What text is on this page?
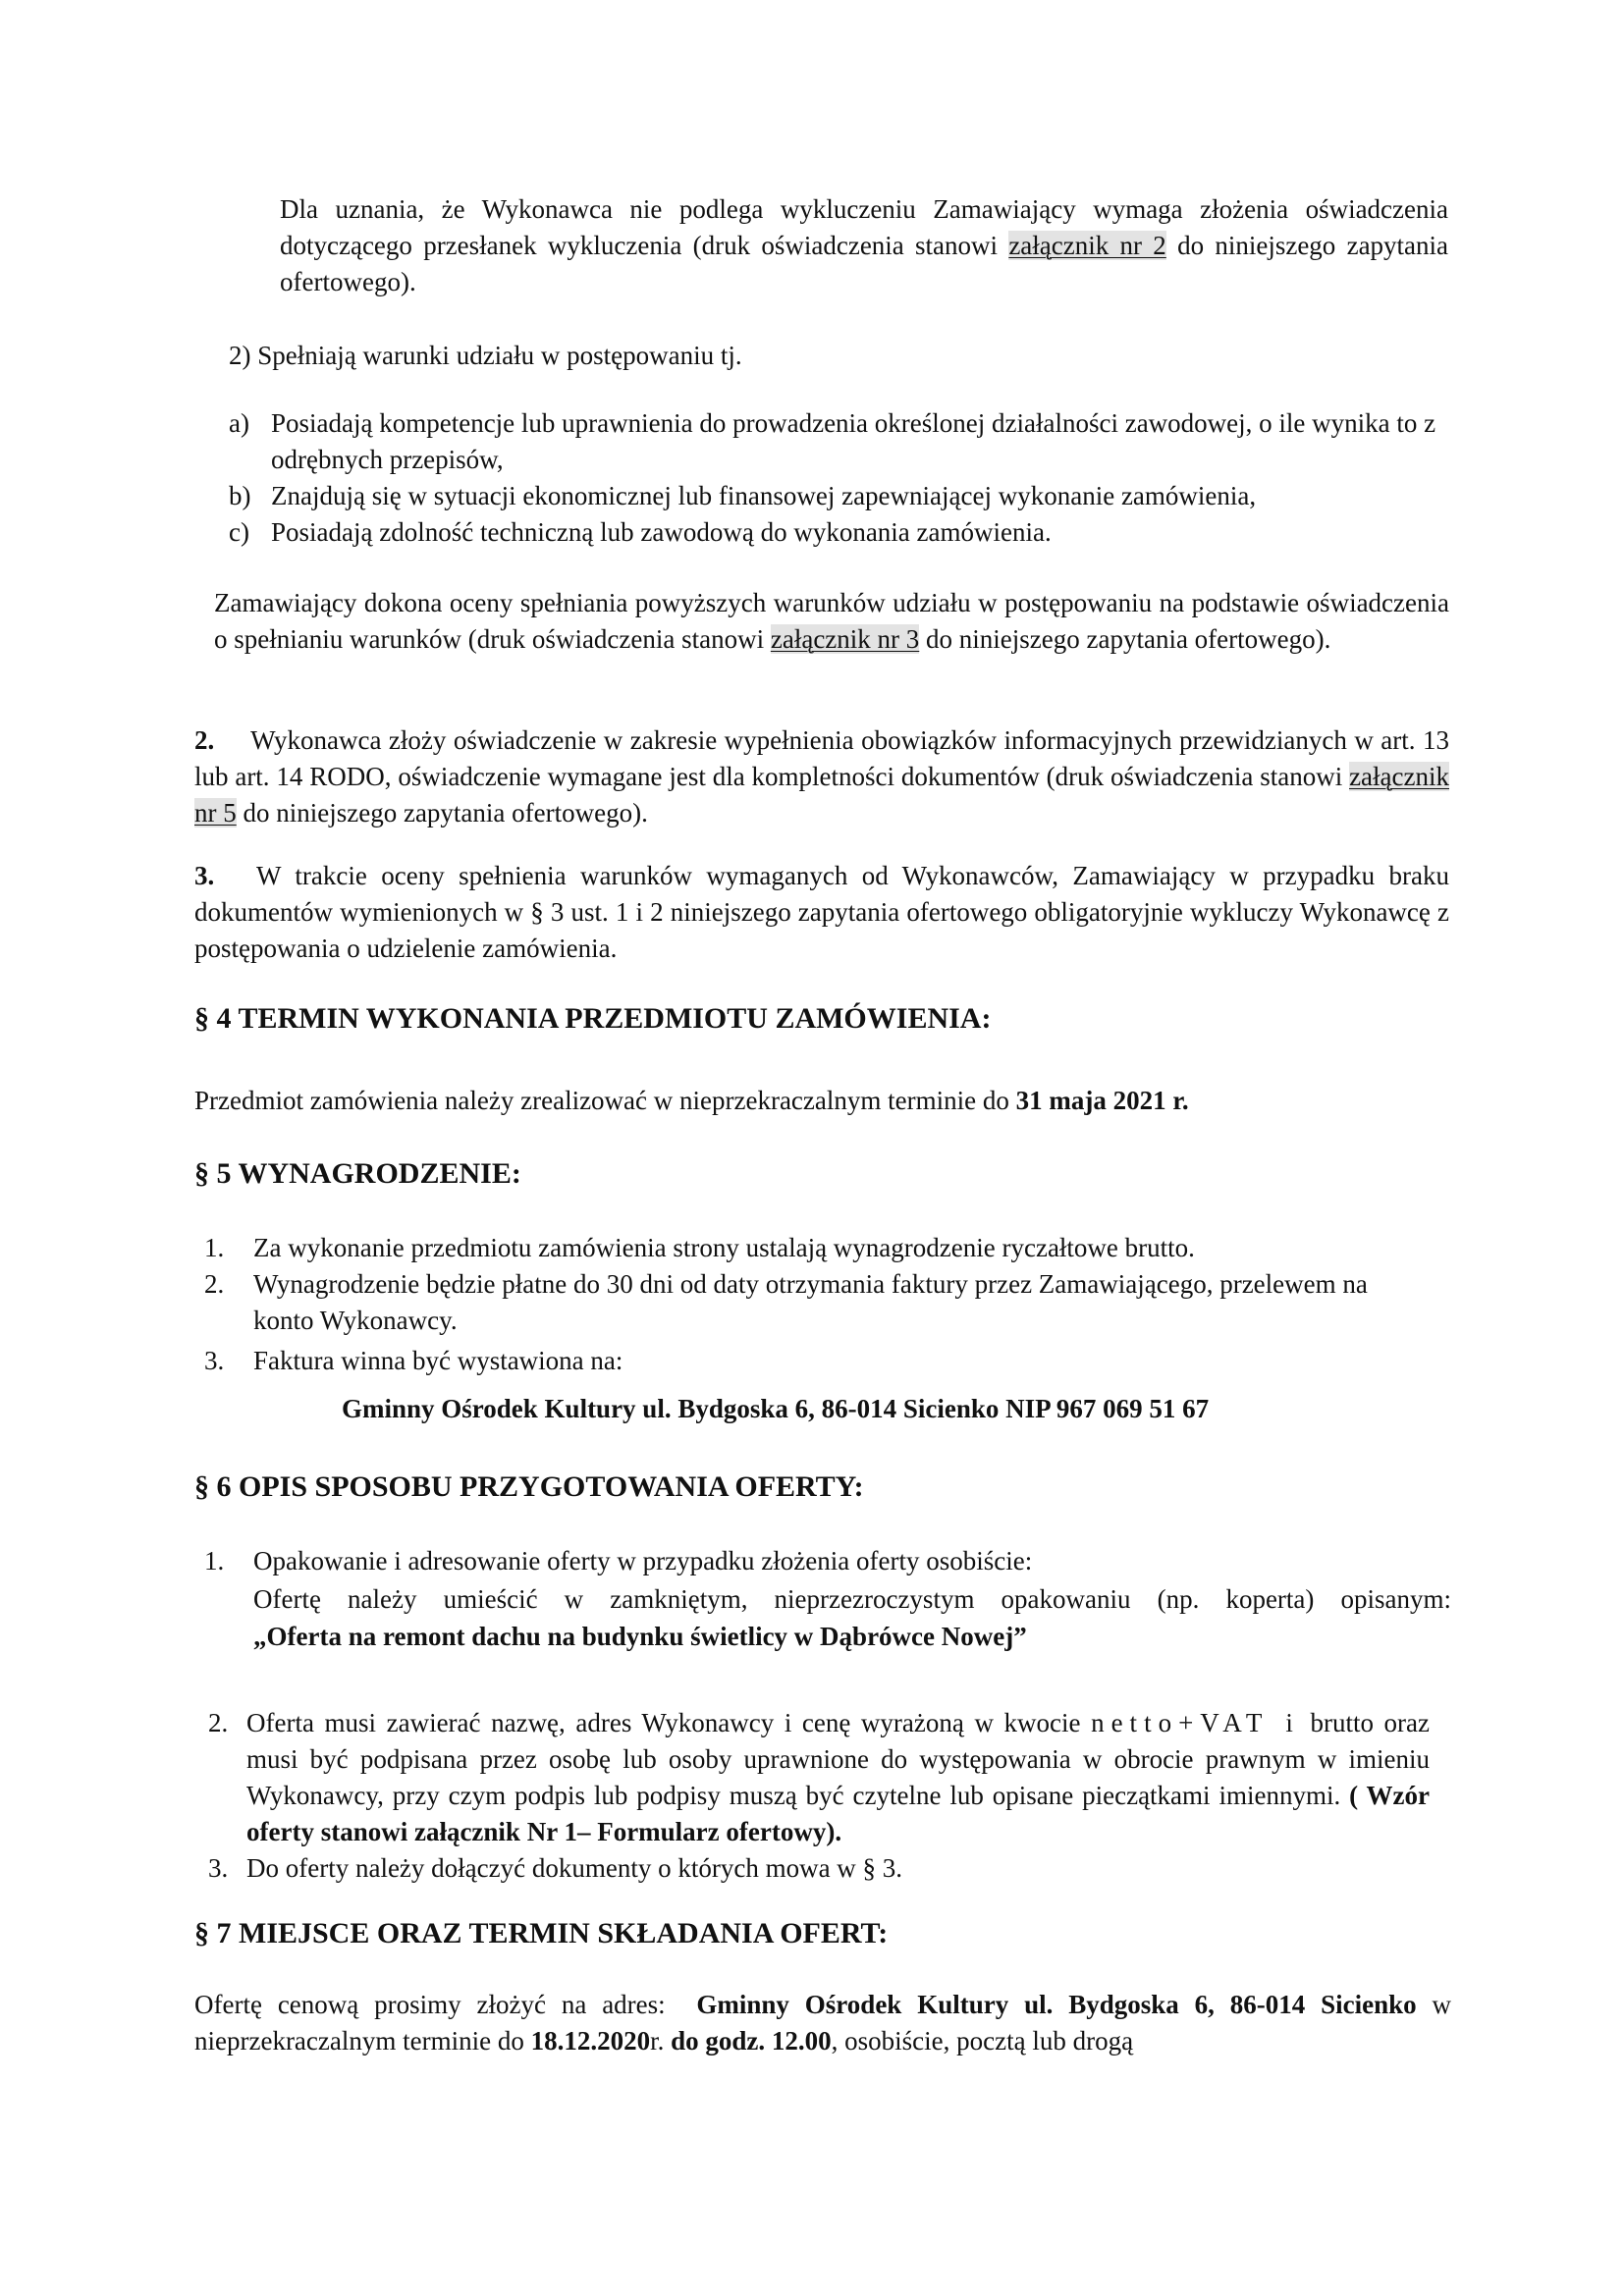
Dla uznania, że Wykonawca nie podlega wykluczeniu Zamawiający wymaga złożenia oświadczenia dotyczącego przesłanek wykluczenia (druk oświadczenia stanowi załącznik nr 2 do niniejszego zapytania ofertowego).
2) Spełniają warunki udziału w postępowaniu tj.
a) Posiadają kompetencje lub uprawnienia do prowadzenia określonej działalności zawodowej, o ile wynika to z odrębnych przepisów,
b) Znajdują się w sytuacji ekonomicznej lub finansowej zapewniającej wykonanie zamówienia,
c) Posiadają zdolność techniczną lub zawodową do wykonania zamówienia.
Zamawiający dokona oceny spełniania powyższych warunków udziału w postępowaniu na podstawie oświadczenia o spełnianiu warunków (druk oświadczenia stanowi załącznik nr 3 do niniejszego zapytania ofertowego).
2. Wykonawca złoży oświadczenie w zakresie wypełnienia obowiązków informacyjnych przewidzianych w art. 13 lub art. 14 RODO, oświadczenie wymagane jest dla kompletności dokumentów (druk oświadczenia stanowi załącznik nr 5 do niniejszego zapytania ofertowego).
3. W trakcie oceny spełnienia warunków wymaganych od Wykonawców, Zamawiający w przypadku braku dokumentów wymienionych w § 3 ust. 1 i 2 niniejszego zapytania ofertowego obligatoryjnie wykluczy Wykonawcę z postępowania o udzielenie zamówienia.
§ 4 TERMIN WYKONANIA PRZEDMIOTU ZAMÓWIENIA:
Przedmiot zamówienia należy zrealizować w nieprzekraczalnym terminie do 31 maja 2021 r.
§ 5 WYNAGRODZENIE:
1. Za wykonanie przedmiotu zamówienia strony ustalają wynagrodzenie ryczałtowe brutto.
2. Wynagrodzenie będzie płatne do 30 dni od daty otrzymania faktury przez Zamawiającego, przelewem na konto Wykonawcy.
3. Faktura winna być wystawiona na:
Gminny Ośrodek Kultury ul. Bydgoska 6, 86-014 Sicienko NIP 967 069 51 67
§ 6 OPIS SPOSOBU PRZYGOTOWANIA OFERTY:
1. Opakowanie i adresowanie oferty w przypadku złożenia oferty osobiście:
Ofertę należy umieścić w zamkniętym, nieprzezroczystym opakowaniu (np. koperta) opisanym:
„Oferta na remont dachu na budynku świetlicy w Dąbrówce Nowej”
2. Oferta musi zawierać nazwę, adres Wykonawcy i cenę wyrażoną w kwocie netto+VAT i brutto oraz musi być podpisana przez osobę lub osoby uprawnione do występowania w obrocie prawnym w imieniu Wykonawcy, przy czym podpis lub podpisy muszą być czytelne lub opisane pieczątkami imiennymi. ( Wzór oferty stanowi załącznik Nr 1– Formularz ofertowy).
3. Do oferty należy dołączyć dokumenty o których mowa w § 3.
§ 7 MIEJSCE ORAZ TERMIN SKŁADANIA OFERT:
Ofertę cenową prosimy złożyć na adres: Gminny Ośrodek Kultury ul. Bydgoska 6, 86-014 Sicienko w nieprzekraczalnym terminie do 18.12.2020r. do godz. 12.00, osobiście, pocztą lub drogą
